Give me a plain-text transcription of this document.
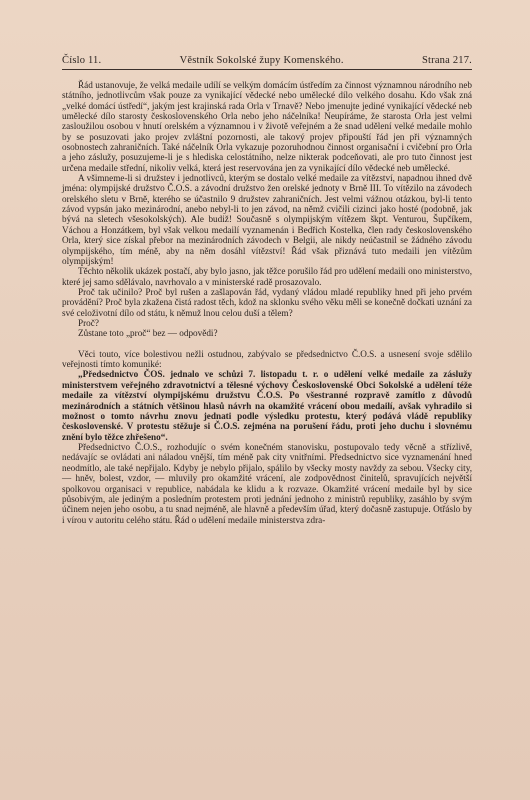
Číslo 11.	Věstník Sokolské župy Komenského.	Strana 217.

Řád ustanovuje, že velká medaile udílí se velkým domácím ústředím za činnost významnou národního neb státního, jednotlivcům však pouze za vynikající vědecké nebo umělecké dílo velkého dosahu. Kdo však zná „velké domácí ústředí“, jakým jest krajinská rada Orla v Trnavě? Nebo jmenujte jediné vynikající vědecké neb umělecké dílo starosty československého Orla nebo jeho náčelníka! Neupíráme, že starosta Orla jest velmi zasloužilou osobou v hnutí orelském a významnou i v životě veřejném a že snad udělení velké medaile mohlo by se posuzovati jako projev zvláštní pozornosti, ale takový projev připouští řád jen při významných osobnostech zahraničních. Také náčelník Orla vykazuje pozoruhodnou činnost organisační i cvičební pro Orla a jeho záslužy, posuzujeme-li je s hlediska celostátního, nelze nikterak podceňovati, ale pro tuto činnost jest určena medaile střední, nikoliv velká, která jest reservována jen za vynikající dílo vědecké neb umělecké.

A všimneme-li si družstev i jednotlivců, kterým se dostalo velké medaile za vítězství, napadnou ihned dvě jména: olympijské družstvo Č.O.S. a závodní družstvo žen orelské jednoty v Brně III. To vítězilo na závodech orelského sletu v Brně, kterého se účastnilo 9 družstev zahraničních. Jest velmi vážnou otázkou, byl-li tento závod vypsán jako mezinárodní, anebo nebyl-li to jen závod, na němž cvičili cizinci jako hosté (podobně, jak bývá na sletech všesokolských). Ale budiž! Současně s olympijským vítězem škpt. Venturou, Šupčíkem, Váchou a Honzátkem, byl však velkou medailí vyznamenán i Bedřich Kostelka, člen rady československého Orla, který sice získal přebor na mezinárodních závodech v Belgii, ale nikdy neúčastnil se žádného závodu olympijského, tím méně, aby na něm dosáhl vítězství! Řád však přiznává tuto medaili jen vítězům olympijským!

Těchto několik ukázek postačí, aby bylo jasno, jak těžce porušilo řád pro udělení medaili ono ministerstvo, které jej samo sdělávalo, navrhovalo a v ministerské radě prosazovalo.

Proč tak učinilo? Proč byl rušen a zašlapován řád, vydaný vládou mladé republiky hned při jeho prvém provádění? Proč byla zkažena čistá radost těch, kdož na sklonku svého věku měli se konečně dočkati uznání za své celoživotní dílo od státu, k němuž lnou celou duší a tělem?

Proč?

Zůstane toto „proč“ bez — odpovědi?

Věci touto, více bolestivou nežli ostudnou, zabývalo se předsednictvo Č.O.S. a usnesení svoje sdělilo veřejnosti tímto komuniké:

„Předsednictvo ČOS. jednalo ve schůzi 7. listopadu t. r. o udělení velké medaile za záslužy ministerstvem veřejného zdravotnictví a tělesné výchovy Československé Obci Sokolské a udělení téže medaile za vítězství olympijskému družstvu Č.O.S. Po všestranné rozpravě zamítlo z důvodů mezinárodních a státních většinou hlasů návrh na okamžité vrácení obou medailí, avšak vyhradilo si možnost o tomto návrhu znovu jednati podle výsledku protestu, který podává vládě republiky československé. V protestu stěžuje si Č.O.S. zejména na porušení řádu, proti jeho duchu i slovnému znění bylo těžce zhřešeno“.

Předsednictvo Č.O.S., rozhodujíc o svém konečném stanovisku, postupovalo tedy věcně a střízlivě, nedávajíc se ovládati ani náladou vnější, tím méně pak city vnitřními. Předsednictvo sice vyznamenání hned neodmítlo, ale také nepřijalo. Kdyby je nebylo přijalo, spálilo by všecky mosty navždy za sebou. Všecky city, — hněv, bolest, vzdor, — mluvily pro okamžité vrácení, ale zodpovědnost činitelů, spravujících největší spolkovou organisaci v republice, nabádala ke klidu a k rozvaze. Okamžité vrácení medaile byl by sice působivým, ale jediným a posledním protestem proti jednání jednoho z ministrů republiky, zasáhlo by svým účinem nejen jeho osobu, a tu snad nejméně, ale hlavně a především úřad, který dočasně zastupuje. Otřáslo by i vírou v autoritu celého státu. Řád o udělení medaile ministerstva zdra-
